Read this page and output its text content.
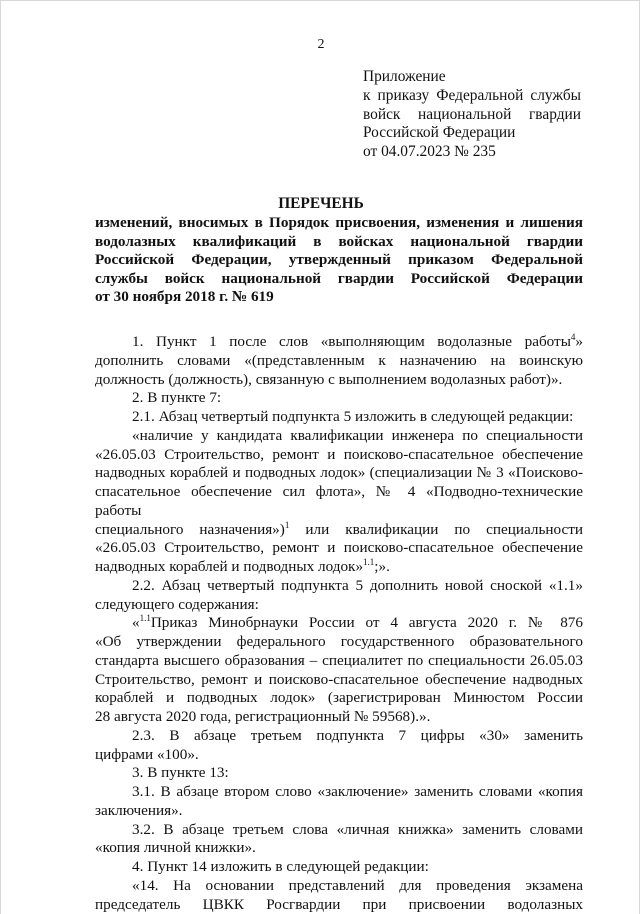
2
Приложение
к приказу Федеральной службы
войск национальной гвардии
Российской Федерации
от 04.07.2023 № 235
ПЕРЕЧЕНЬ
изменений, вносимых в Порядок присвоения, изменения и лишения
водолазных квалификаций в войсках национальной гвардии
Российской Федерации, утвержденный приказом Федеральной
службы войск национальной гвардии Российской Федерации
от 30 ноября 2018 г. № 619
1. Пункт 1 после слов «выполняющим водолазные работы$^4$»
дополнить словами «(представленным к назначению на воинскую
должность (должность), связанную с выполнением водолазных работ)».
2. В пункте 7:
2.1. Абзац четвертый подпункта 5 изложить в следующей редакции:
«наличие у кандидата квалификации инженера по специальности
«26.05.03 Строительство, ремонт и поисково-спасательное обеспечение
надводных кораблей и подводных лодок» (специализации № 3 «Поисково-
спасательное обеспечение сил флота», № 4 «Подводно-технические работы
специального назначения»)$^1$ или квалификации по специальности
«26.05.03 Строительство, ремонт и поисково-спасательное обеспечение
надводных кораблей и подводных лодок»$^{1.1}$;».
2.2. Абзац четвертый подпункта 5 дополнить новой сноской «1.1»
следующего содержания:
«$^{1.1}$Приказ Минобрнауки России от 4 августа 2020 г. № 876
«Об утверждении федерального государственного образовательного
стандарта высшего образования – специалитет по специальности 26.05.03
Строительство, ремонт и поисково-спасательное обеспечение надводных
кораблей и подводных лодок» (зарегистрирован Минюстом России
28 августа 2020 года, регистрационный № 59568).».
2.3. В абзаце третьем подпункта 7 цифры «30» заменить
цифрами «100».
3. В пункте 13:
3.1. В абзаце втором слово «заключение» заменить словами «копия
заключения».
3.2. В абзаце третьем слова «личная книжка» заменить словами
«копия личной книжки».
4. Пункт 14 изложить в следующей редакции:
«14. На основании представлений для проведения экзамена
председатель ЦВКК Росгвардии при присвоении водолазных
